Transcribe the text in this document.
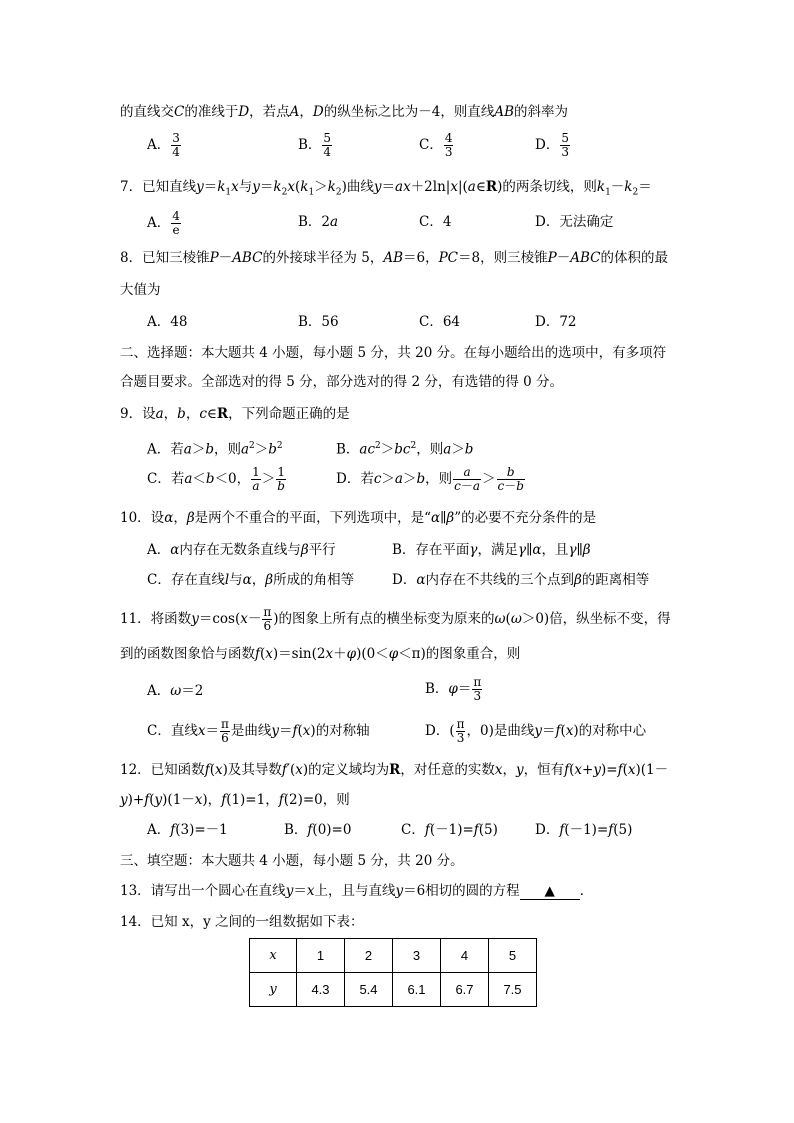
的直线交C的准线于D，若点A，D的纵坐标之比为－4，则直线AB的斜率为
A． $\frac{3}{4}$	B． $\frac{5}{4}$	C． $\frac{4}{3}$	D． $\frac{5}{3}$
7．已知直线$y=k_1x$与$y=k_2x(k_1>k_2)$曲线y＝ax＋2ln|x|(a∈R)的两条切线，则$k_1-k_2=$
A． $\frac{4}{e}$	B．2a	C．4	D．无法确定
8．已知三棱锥P－ABC的外接球半径为 5，AB＝6，PC＝8，则三棱锥P－ABC的体积的最
大值为
A．48	B．56	C．64	D．72
二、选择题：本大题共 4 小题，每小题 5 分，共 20 分。在每小题给出的选项中，有多项符
合题目要求。全部选对的得 5 分，部分选对的得 2 分，有选错的得 0 分。
9．设a，b，c∈R，下列命题正确的是
A．若a＞b，则$a^2>b^2$	B．$ac^2>bc^2$，则a＞b
C．若a＜b＜0， $\frac{1}{a} > \frac{1}{b}$	D．若c＞a＞b，则 $\frac{a}{c-a} > \frac{b}{c-b}$
10．设α，β是两个不重合的平面，下列选项中，是“α∥β”的必要不充分条件的是
A．α内存在无数条直线与β平行	B．存在平面γ，满足γ∥α，且γ∥β
C．存在直线l与α，β所成的角相等	D．α内存在不共线的三个点到β的距离相等
11．将函数$y=\cos(x- \frac{\pi}{6}$ )的图象上所有点的横坐标变为原来的ω(ω＞0)倍，纵坐标不变，得
到的函数图象恰与函数f(x)＝sin(2x＋φ)(0＜φ＜π)的图象重合，则
A．ω＝2	B．$\varphi= \frac{\pi}{3}$
C．直线$x= \frac{\pi}{6}$ 是曲线y＝f(x)的对称轴	D．( $\frac{\pi}{3}$ ，0)是曲线y＝f(x)的对称中心
12．已知函数f(x)及其导数f′(x)的定义域均为R，对任意的实数x，y，恒有f(x+y)=f(x)(1－
y)+f(y)(1－x)，f(1)=1，f(2)=0，则
A．f(3)=－1	B．f(0)=0	C．f(－1)=f(5)	D．f(－1)=f(5)
三、填空题：本大题共 4 小题，每小题 5 分，共 20 分。
13．请写出一个圆心在直线y＝x上，且与直线y＝6相切的圆的方程 ▲ ．
14．已知 x，y 之间的一组数据如下表：
x	1	2	3	4	5
y	4.3	5.4	6.1	6.7	7.5
